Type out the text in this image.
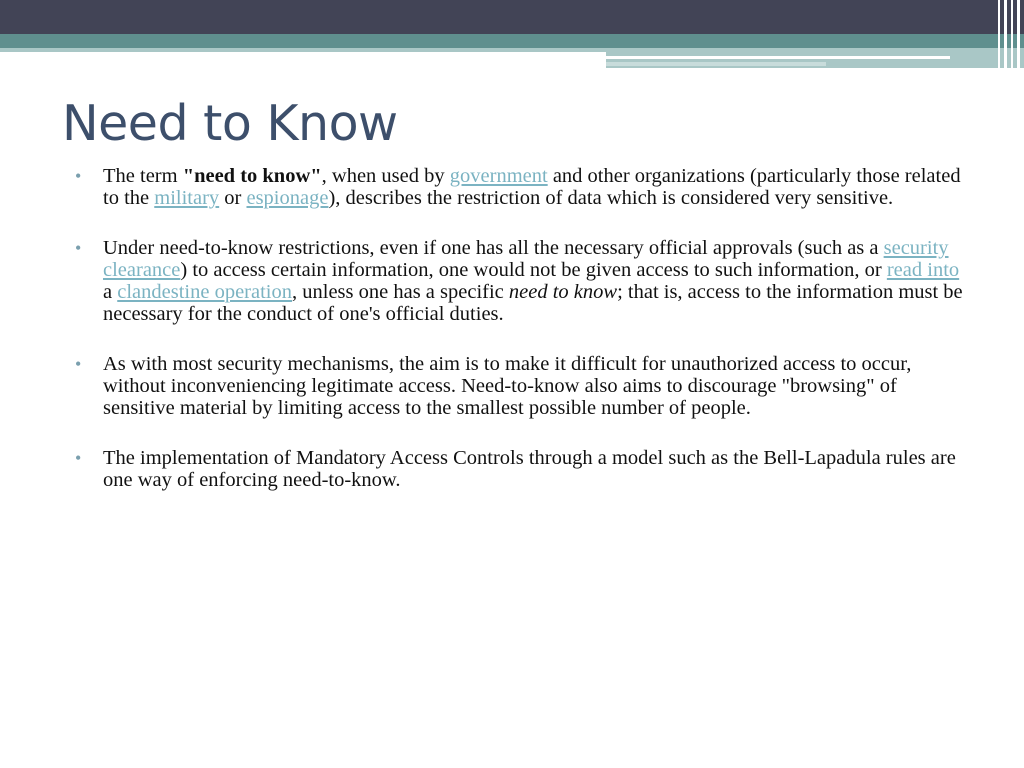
Need to Know
• The term "need to know", when used by government and other organizations (particularly those related to the military or espionage), describes the restriction of data which is considered very sensitive.
• Under need-to-know restrictions, even if one has all the necessary official approvals (such as a security clearance) to access certain information, one would not be given access to such information, or read into a clandestine operation, unless one has a specific need to know; that is, access to the information must be necessary for the conduct of one's official duties.
• As with most security mechanisms, the aim is to make it difficult for unauthorized access to occur, without inconveniencing legitimate access. Need-to-know also aims to discourage "browsing" of sensitive material by limiting access to the smallest possible number of people.
• The implementation of Mandatory Access Controls through a model such as the Bell-Lapadula rules are one way of enforcing need-to-know.
